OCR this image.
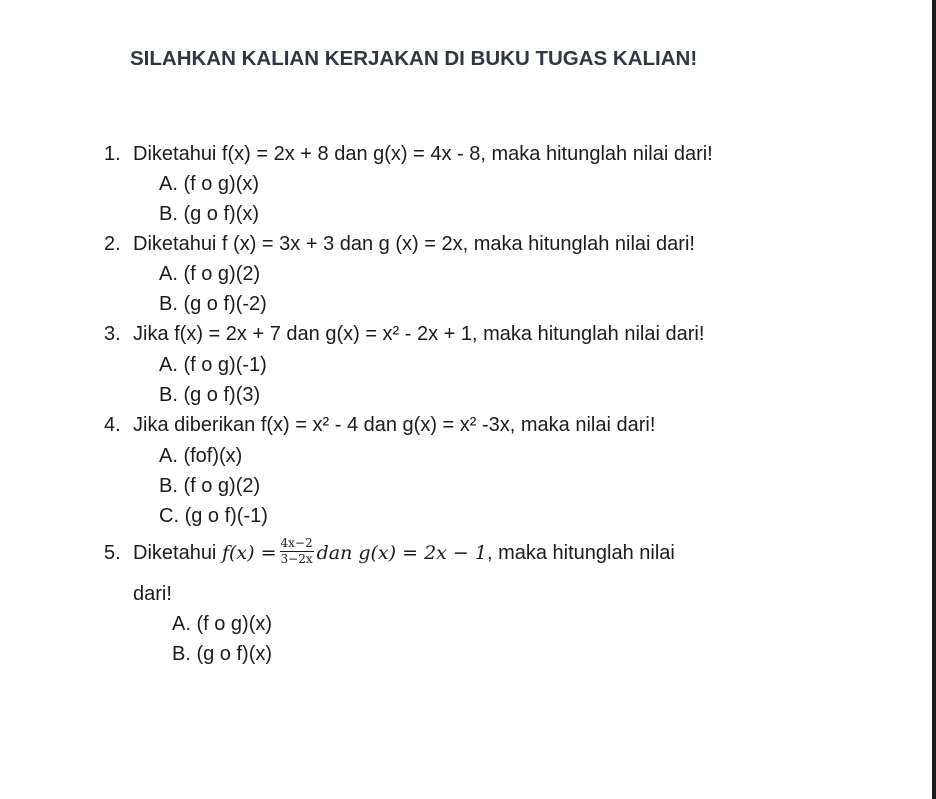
SILAHKAN KALIAN KERJAKAN DI BUKU TUGAS KALIAN!
1. Diketahui f(x) = 2x + 8 dan g(x) = 4x - 8, maka hitunglah nilai dari!
A. (f o g)(x)
B. (g o f)(x)
2. Diketahui f (x) = 3x + 3 dan g (x) = 2x, maka hitunglah nilai dari!
A. (f o g)(2)
B. (g o f)(-2)
3. Jika f(x) = 2x + 7 dan g(x) = x² - 2x + 1, maka hitunglah nilai dari!
A. (f o g)(-1)
B. (g o f)(3)
4. Jika diberikan f(x) = x² - 4 dan g(x) = x² -3x, maka nilai dari!
A. (fof)(x)
B. (f o g)(2)
C. (g o f)(-1)
5. Diketahui $f(x) = \frac{4x-2}{3-2x}$ dan g(x) = 2x − 1, maka hitunglah nilai
dari!
A. (f o g)(x)
B. (g o f)(x)
